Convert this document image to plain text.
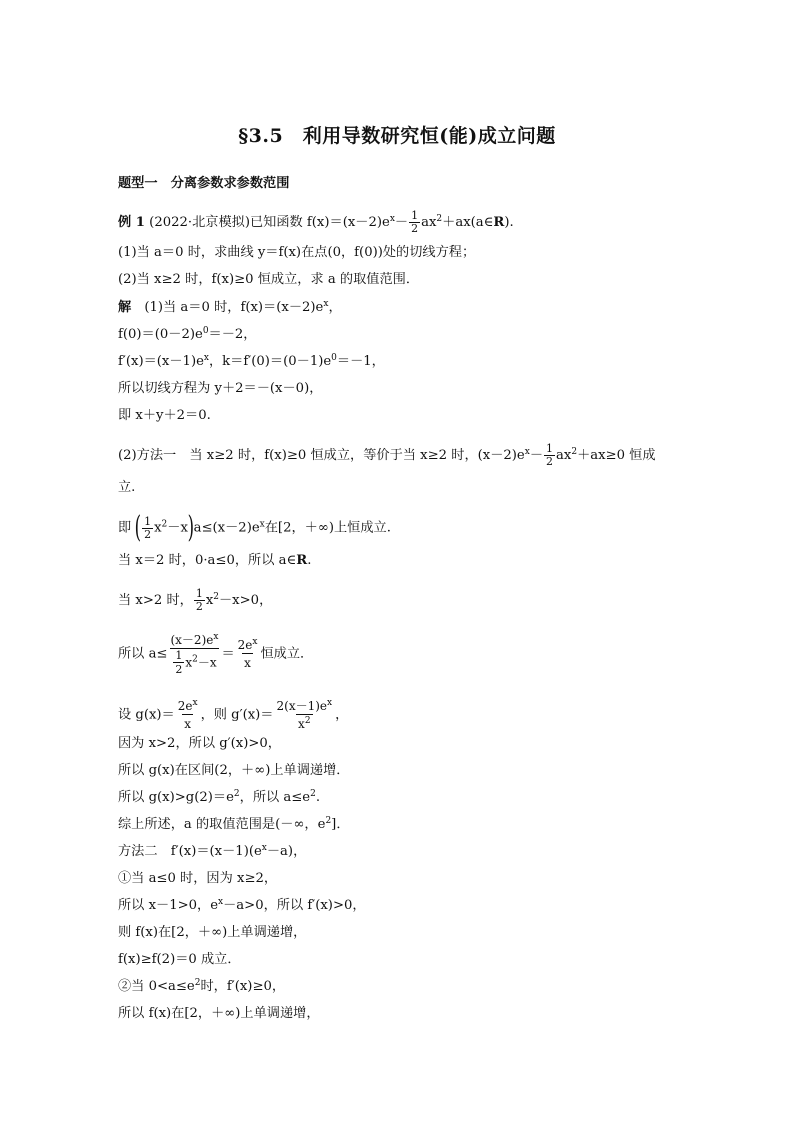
§3.5　利用导数研究恒(能)成立问题
题型一　分离参数求参数范围
例 1 (2022·北京模拟)已知函数 $f(x)=(x-2)e^x- \frac{1}{2}$ $ax^2+ax(a\in R)$.
(1)当 a＝0 时，求曲线 y＝f(x)在点(0，f(0))处的切线方程；
(2)当 x≥2 时，f(x)≥0 恒成立，求 a 的取值范围．
解　 (1)当 a＝0 时，$f(x)=(x-2)e^x$，
$f(0)=(0-2)e^0=-2$，
$f'(x)=(x-1)e^x$，$k=f'(0)=(0-1)e^0=-1$，
所以切线方程为 y＋2＝－(x－0)，
即 x＋y＋2＝0.
(2)方法一　当 x≥2 时，f(x)≥0 恒成立，等价于当 x≥2 时，$(x-2)e^x- \frac{1}{2} ax^2+ax\ge 0$ 恒成
立.
即 ( $\frac{1}{2} x^2-x)a\le(x-2)e^x$在[2，＋∞)上恒成立.
当 x＝2 时，0·a≤0，所以 a∈R.
当 x>2 时， $\frac{1}{2} x^2-x>0$，
所以 $a\le \frac{(x-2)e^x}{\frac{1}{2} x^2-x} = \frac{2e^x}{x}$ 恒成立．
设 $g(x)= \frac{2e^x}{x}$ ，则 $g'(x)= \frac{2(x-1)e^x}{x^2}$ ，
因为 x>2，所以 g′(x)>0，
所以 g(x)在区间(2，＋∞)上单调递增．
所以 $g(x)>g(2)=e^2$，所以 $a\le e^2$.
综上所述，a 的取值范围是(－∞，$e^2$]．
方法二　$f'(x)=(x-1)(e^x-a)$，
①当 a≤0 时，因为 x≥2，
所以 x－1>0，$e^x-a>0$，所以 f′(x)>0，
则 f(x)在[2，＋∞)上单调递增，
f(x)≥f(2)＝0 成立．
②当 $0<a\le e^2$时，f′(x)≥0，
所以 f(x)在[2，＋∞)上单调递增，
